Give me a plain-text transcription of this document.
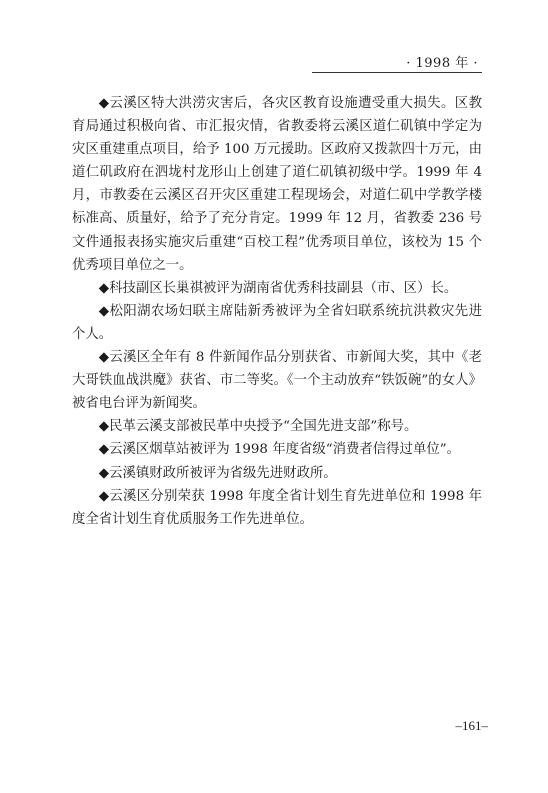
· 1998 年 ·

◆云溪区特大洪涝灾害后，各灾区教育设施遭受重大损失。区教育局通过积极向省、市汇报灾情，省教委将云溪区道仁矶镇中学定为灾区重建重点项目，给予 100 万元援助。区政府又拨款四十万元，由道仁矶政府在泗垅村龙形山上创建了道仁矶镇初级中学。1999 年 4 月，市教委在云溪区召开灾区重建工程现场会，对道仁矶中学教学楼标准高、质量好，给予了充分肯定。1999 年 12 月，省教委 236 号文件通报表扬实施灾后重建“百校工程”优秀项目单位，该校为 15 个优秀项目单位之一。

◆科技副区长巢祺被评为湖南省优秀科技副县（市、区）长。

◆松阳湖农场妇联主席陆新秀被评为全省妇联系统抗洪救灾先进个人。

◆云溪区全年有 8 件新闻作品分别获省、市新闻大奖，其中《老大哥铁血战洪魔》获省、市二等奖。《一个主动放弃“铁饭碗”的女人》被省电台评为新闻奖。

◆民革云溪支部被民革中央授予“全国先进支部”称号。

◆云溪区烟草站被评为 1998 年度省级“消费者信得过单位”。

◆云溪镇财政所被评为省级先进财政所。

◆云溪区分别荣获 1998 年度全省计划生育先进单位和 1998 年度全省计划生育优质服务工作先进单位。

–161–
